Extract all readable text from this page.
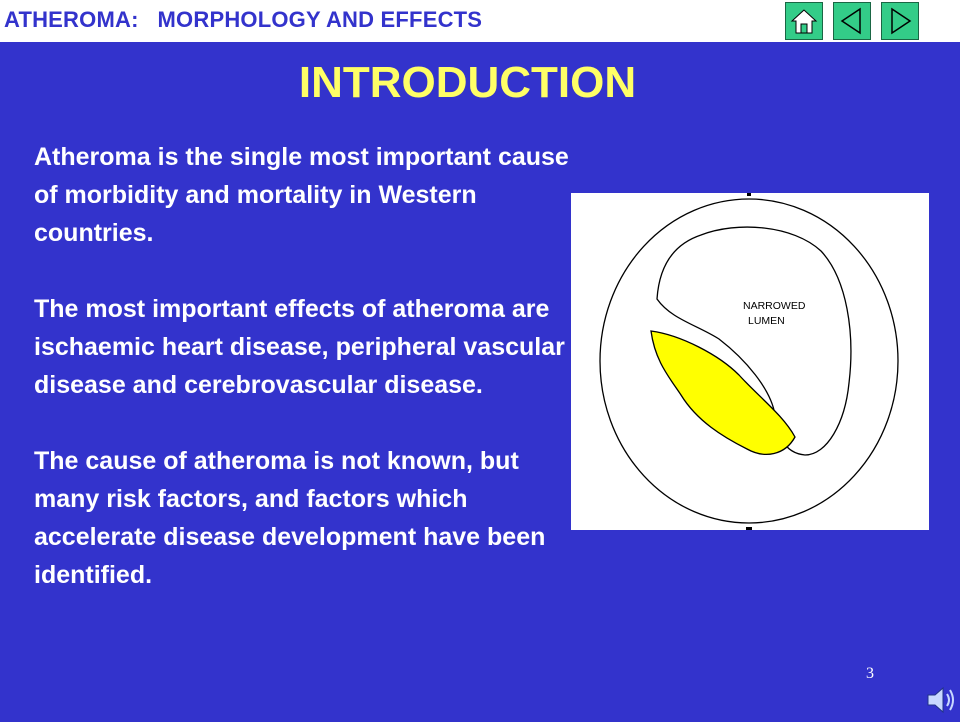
ATHEROMA:   MORPHOLOGY AND EFFECTS
INTRODUCTION

Atheroma is the single most important cause of morbidity and mortality in Western countries.

The most important effects of atheroma are ischaemic heart disease, peripheral vascular disease and cerebrovascular disease.

The cause of atheroma is not known, but many risk factors, and factors which accelerate disease development have been identified.

NARROWED
LUMEN
3
